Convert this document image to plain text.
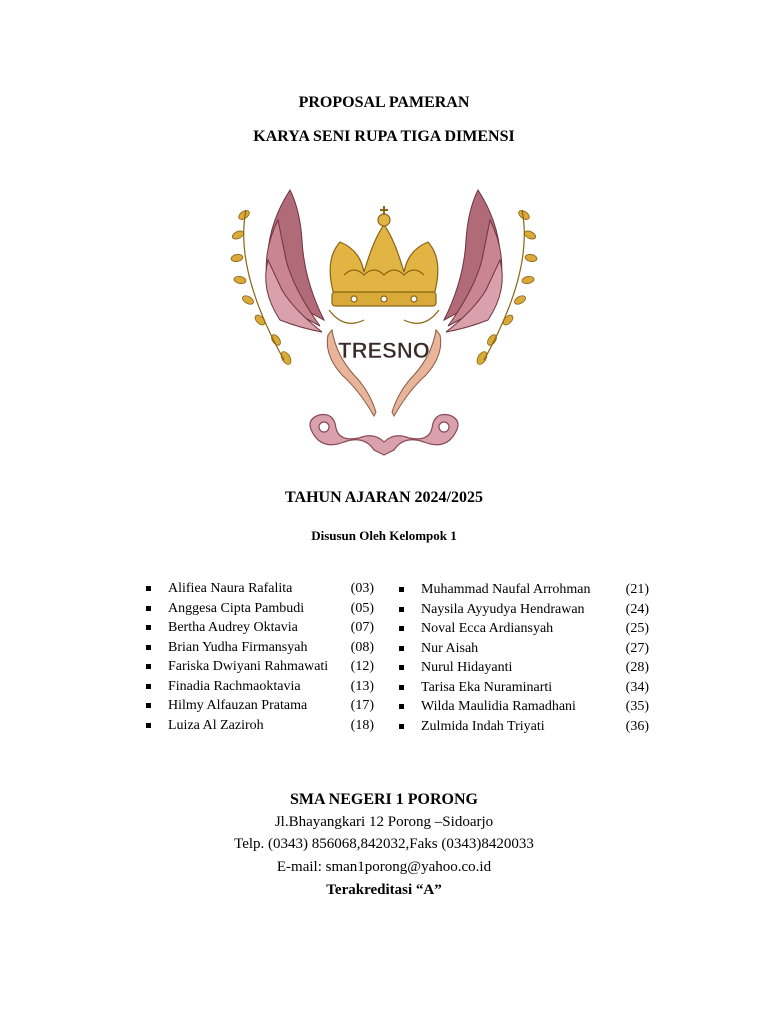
PROPOSAL PAMERAN
KARYA SENI RUPA TIGA DIMENSI
TRESNO
TAHUN AJARAN 2024/2025
Disusun Oleh Kelompok 1
Alifiea Naura Rafalita	(03)
Anggesa Cipta Pambudi	(05)
Bertha Audrey Oktavia	(07)
Brian Yudha Firmansyah	(08)
Fariska Dwiyani Rahmawati (12)
Finadia Rachmaoktavia	(13)
Hilmy Alfauzan Pratama	(17)
Luiza Al Zaziroh	(18)
Muhammad Naufal Arrohman	(21)
Naysila Ayyudya Hendrawan	(24)
Noval Ecca Ardiansyah	(25)
Nur Aisah	(27)
Nurul Hidayanti	(28)
Tarisa Eka Nuraminarti	(34)
Wilda Maulidia Ramadhani	(35)
Zulmida Indah Triyati	(36)
SMA NEGERI 1 PORONG
Jl.Bhayangkari 12 Porong –Sidoarjo
Telp. (0343) 856068,842032,Faks (0343)8420033
E-mail: sman1porong@yahoo.co.id
Terakreditasi “A”
